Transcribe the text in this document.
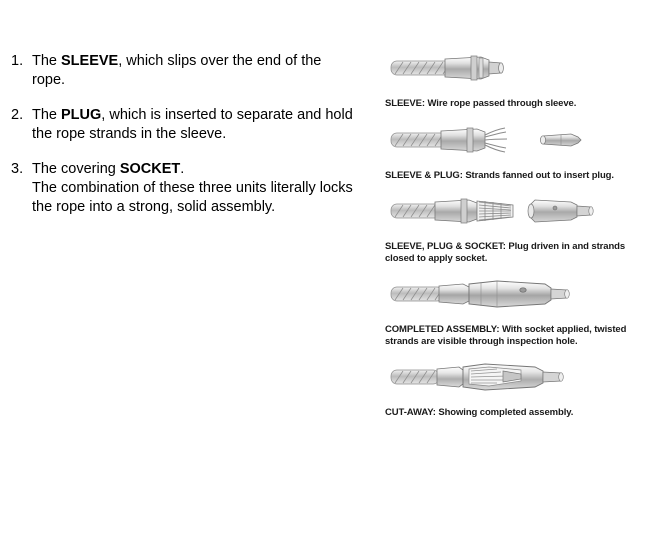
1. The SLEEVE, which slips over the end of the rope.
2. The PLUG, which is inserted to separate and hold the rope strands in the sleeve.
3. The covering SOCKET.
The combination of these three units literally locks the rope into a strong, solid assembly.
SLEEVE: Wire rope passed through sleeve.
SLEEVE & PLUG: Strands fanned out to insert plug.
SLEEVE, PLUG & SOCKET: Plug driven in and strands closed to apply socket.
COMPLETED ASSEMBLY: With socket applied, twisted strands are visible through inspection hole.
CUT-AWAY: Showing completed assembly.
